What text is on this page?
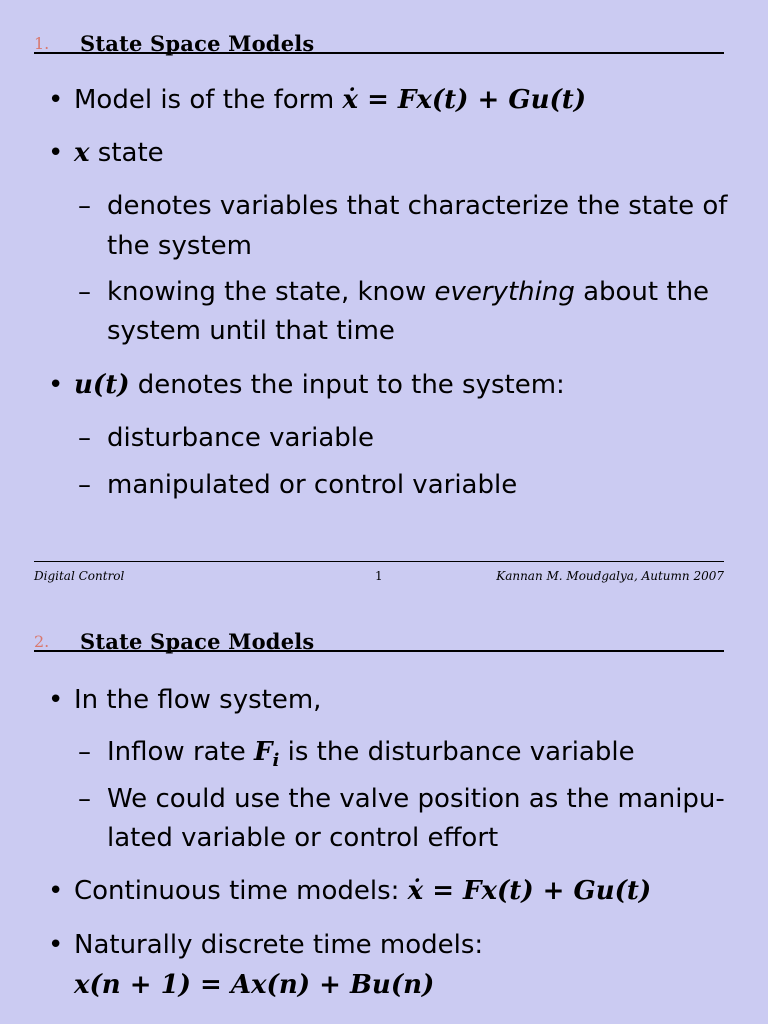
1. State Space Models
• Model is of the form ẋ = Fx(t) + Gu(t)
• x state
– denotes variables that characterize the state of
the system
– knowing the state, know everything about the
system until that time
• u(t) denotes the input to the system:
– disturbance variable
– manipulated or control variable
Digital Control	1	Kannan M. Moudgalya, Autumn 2007
2. State Space Models
• In the flow system,
– Inflow rate $F_i$ is the disturbance variable
– We could use the valve position as the manipu-
lated variable or control effort
• Continuous time models: ẋ = Fx(t) + Gu(t)
• Naturally discrete time models:
x(n + 1) = Ax(n) + Bu(n)
